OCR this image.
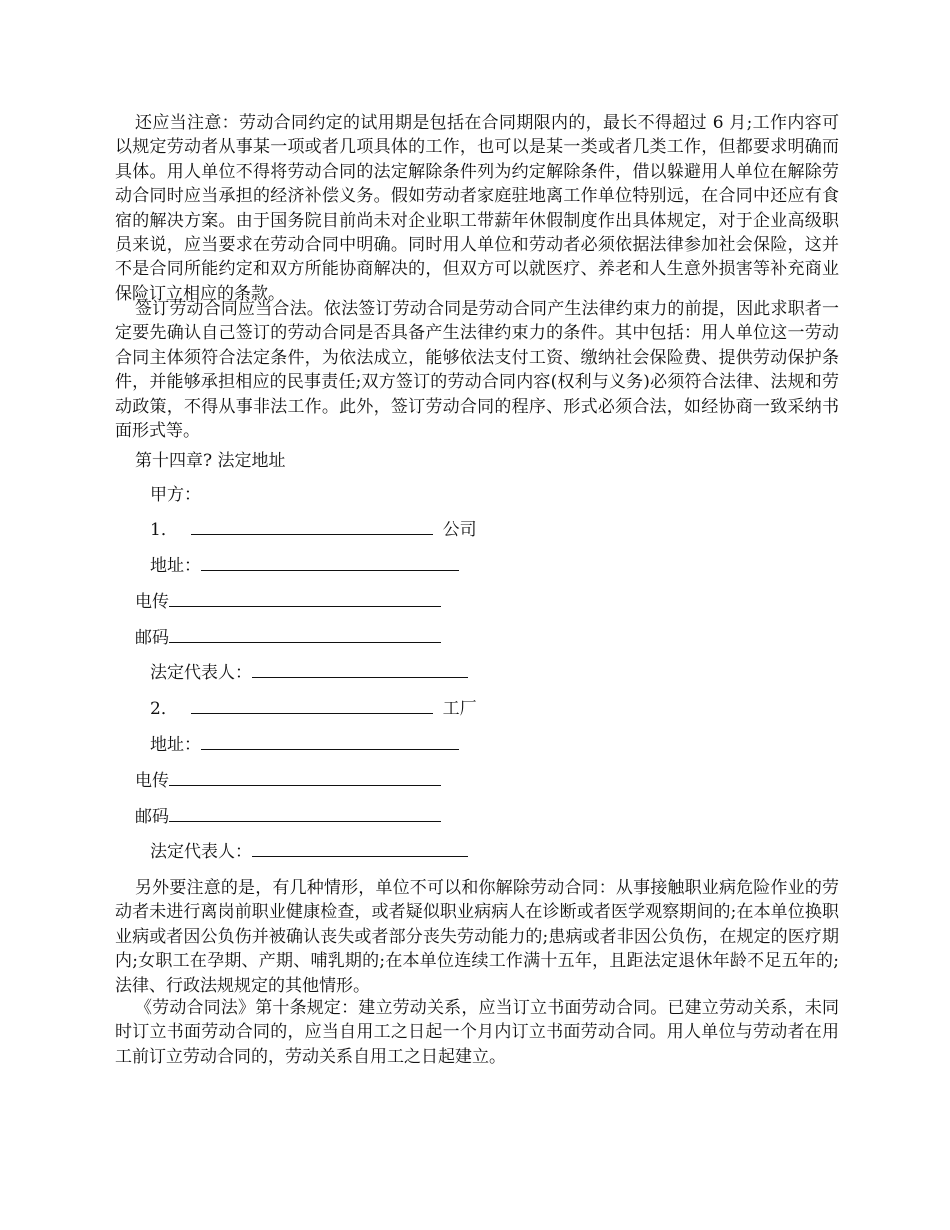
还应当注意：劳动合同约定的试用期是包括在合同期限内的，最长不得超过 6 月;工作内容可以规定劳动者从事某一项或者几项具体的工作，也可以是某一类或者几类工作，但都要求明确而具体。用人单位不得将劳动合同的法定解除条件列为约定解除条件，借以躲避用人单位在解除劳动合同时应当承担的经济补偿义务。假如劳动者家庭驻地离工作单位特别远，在合同中还应有食宿的解决方案。由于国务院目前尚未对企业职工带薪年休假制度作出具体规定，对于企业高级职员来说，应当要求在劳动合同中明确。同时用人单位和劳动者必须依据法律参加社会保险，这并不是合同所能约定和双方所能协商解决的，但双方可以就医疗、养老和人生意外损害等补充商业保险订立相应的条款。

签订劳动合同应当合法。依法签订劳动合同是劳动合同产生法律约束力的前提，因此求职者一定要先确认自己签订的劳动合同是否具备产生法律约束力的条件。其中包括：用人单位这一劳动合同主体须符合法定条件，为依法成立，能够依法支付工资、缴纳社会保险费、提供劳动保护条件，并能够承担相应的民事责任;双方签订的劳动合同内容(权利与义务)必须符合法律、法规和劳动政策，不得从事非法工作。此外，签订劳动合同的程序、形式必须合法，如经协商一致采纳书面形式等。

第十四章? 法定地址
甲方：
1．	公司
地址：
电传
邮码
法定代表人：
2．	工厂
地址：
电传
邮码
法定代表人：

另外要注意的是，有几种情形，单位不可以和你解除劳动合同：从事接触职业病危险作业的劳动者未进行离岗前职业健康检查，或者疑似职业病病人在诊断或者医学观察期间的;在本单位换职业病或者因公负伤并被确认丧失或者部分丧失劳动能力的;患病或者非因公负伤，在规定的医疗期内;女职工在孕期、产期、哺乳期的;在本单位连续工作满十五年，且距法定退休年龄不足五年的;法律、行政法规规定的其他情形。

《劳动合同法》第十条规定：建立劳动关系，应当订立书面劳动合同。已建立劳动关系，未同时订立书面劳动合同的，应当自用工之日起一个月内订立书面劳动合同。用人单位与劳动者在用工前订立劳动合同的，劳动关系自用工之日起建立。
